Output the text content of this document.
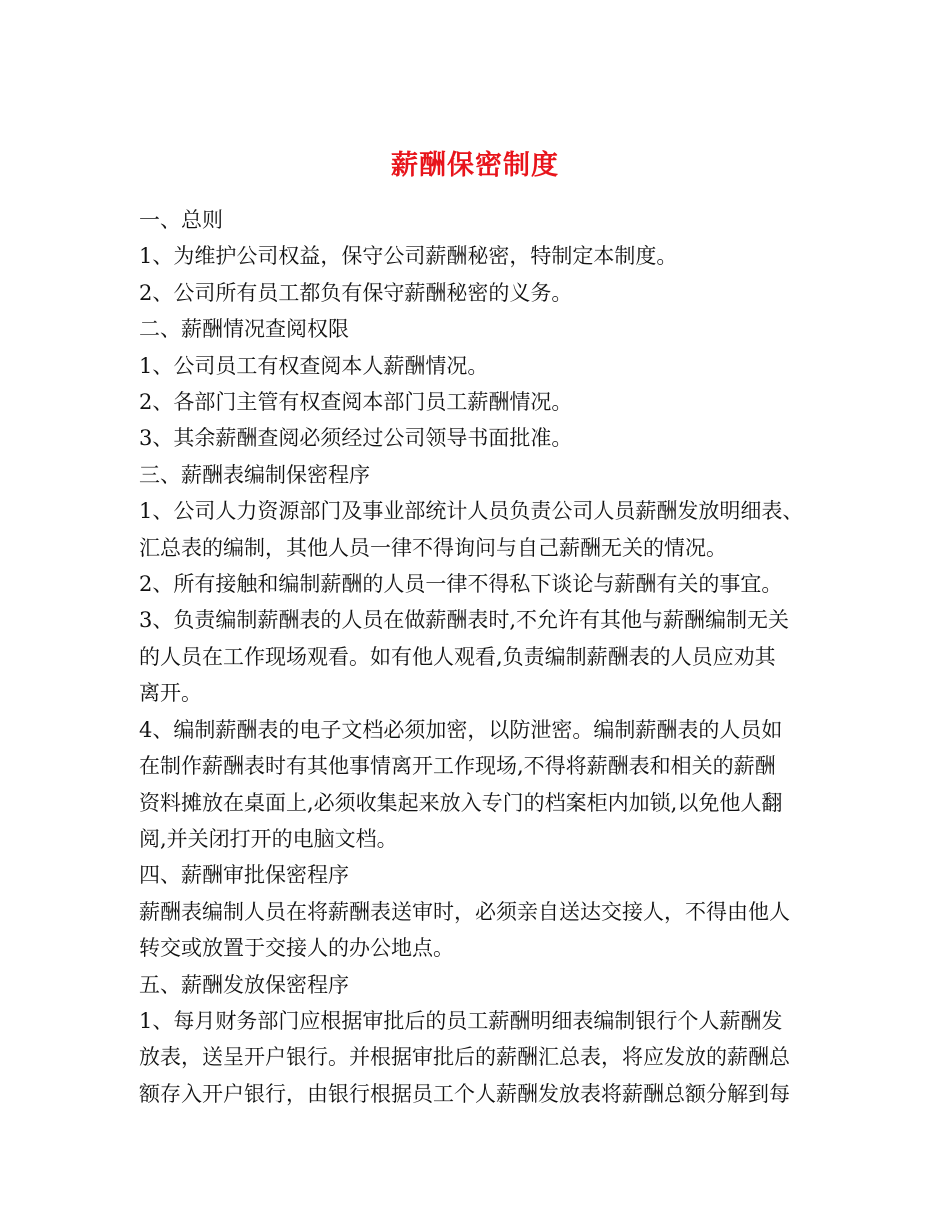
薪酬保密制度

一、总则

1、为维护公司权益，保守公司薪酬秘密，特制定本制度。

2、公司所有员工都负有保守薪酬秘密的义务。

二、薪酬情况查阅权限

1、公司员工有权查阅本人薪酬情况。

2、各部门主管有权查阅本部门员工薪酬情况。

3、其余薪酬查阅必须经过公司领导书面批准。

三、薪酬表编制保密程序

1、公司人力资源部门及事业部统计人员负责公司人员薪酬发放明细表、

汇总表的编制，其他人员一律不得询问与自己薪酬无关的情况。

2、所有接触和编制薪酬的人员一律不得私下谈论与薪酬有关的事宜。

3、负责编制薪酬表的人员在做薪酬表时,不允许有其他与薪酬编制无关

的人员在工作现场观看。如有他人观看,负责编制薪酬表的人员应劝其

离开。

4、编制薪酬表的电子文档必须加密，以防泄密。编制薪酬表的人员如

在制作薪酬表时有其他事情离开工作现场,不得将薪酬表和相关的薪酬

资料摊放在桌面上,必须收集起来放入专门的档案柜内加锁,以免他人翻

阅,并关闭打开的电脑文档。

四、薪酬审批保密程序

薪酬表编制人员在将薪酬表送审时，必须亲自送达交接人，不得由他人

转交或放置于交接人的办公地点。

五、薪酬发放保密程序

1、每月财务部门应根据审批后的员工薪酬明细表编制银行个人薪酬发

放表，送呈开户银行。并根据审批后的薪酬汇总表，将应发放的薪酬总

额存入开户银行，由银行根据员工个人薪酬发放表将薪酬总额分解到每
